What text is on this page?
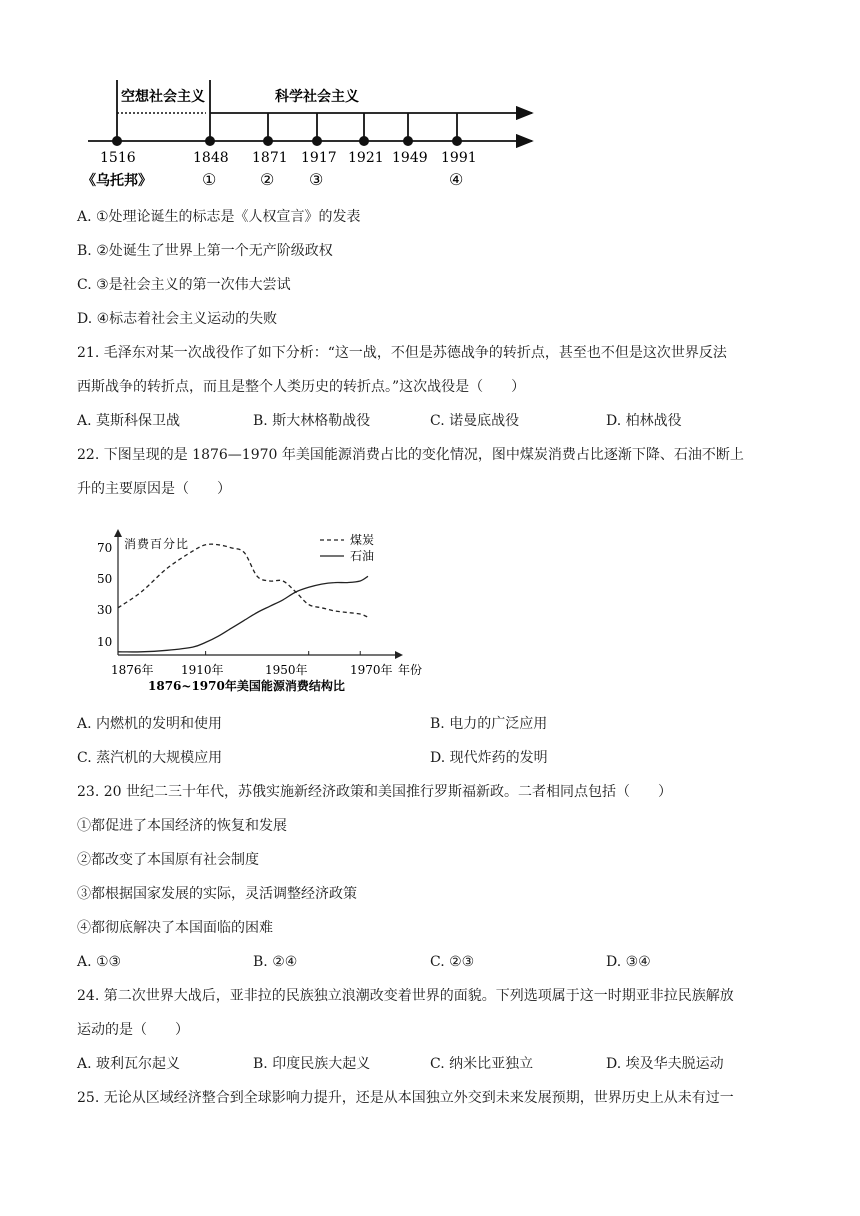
空想社会主义	科学社会主义
1516	1848 1871 1917 1921 1949 1991
《乌托邦》	①	② ③	④
A. ①处理论诞生的标志是《人权宣言》的发表
B. ②处诞生了世界上第一个无产阶级政权
C. ③是社会主义的第一次伟大尝试
D. ④标志着社会主义运动的失败
21. 毛泽东对某一次战役作了如下分析：“这一战，不但是苏德战争的转折点，甚至也不但是这次世界反法
西斯战争的转折点，而且是整个人类历史的转折点。”这次战役是（　　）
A. 莫斯科保卫战	B. 斯大林格勒战役	C. 诺曼底战役	D. 柏林战役
22. 下图呈现的是 1876—1970 年美国能源消费占比的变化情况，图中煤炭消费占比逐渐下降、石油不断上
升的主要原因是（　　）
消费百分比
年份
1876~1970年美国能源消费结构比
70
50
30
10
1876年 1910年	1950年	1970年
煤炭
石油
A. 内燃机的发明和使用	B. 电力的广泛应用
C. 蒸汽机的大规模应用	D. 现代炸药的发明
23. 20 世纪二三十年代，苏俄实施新经济政策和美国推行罗斯福新政。二者相同点包括（　　）
①都促进了本国经济的恢复和发展
②都改变了本国原有社会制度
③都根据国家发展的实际，灵活调整经济政策
④都彻底解决了本国面临的困难
A. ①③	B. ②④	C. ②③	D. ③④
24. 第二次世界大战后，亚非拉的民族独立浪潮改变着世界的面貌。下列选项属于这一时期亚非拉民族解放
运动的是（　　）
A. 玻利瓦尔起义	B. 印度民族大起义	C. 纳米比亚独立	D. 埃及华夫脱运动
25. 无论从区域经济整合到全球影响力提升，还是从本国独立外交到未来发展预期，世界历史上从未有过一
